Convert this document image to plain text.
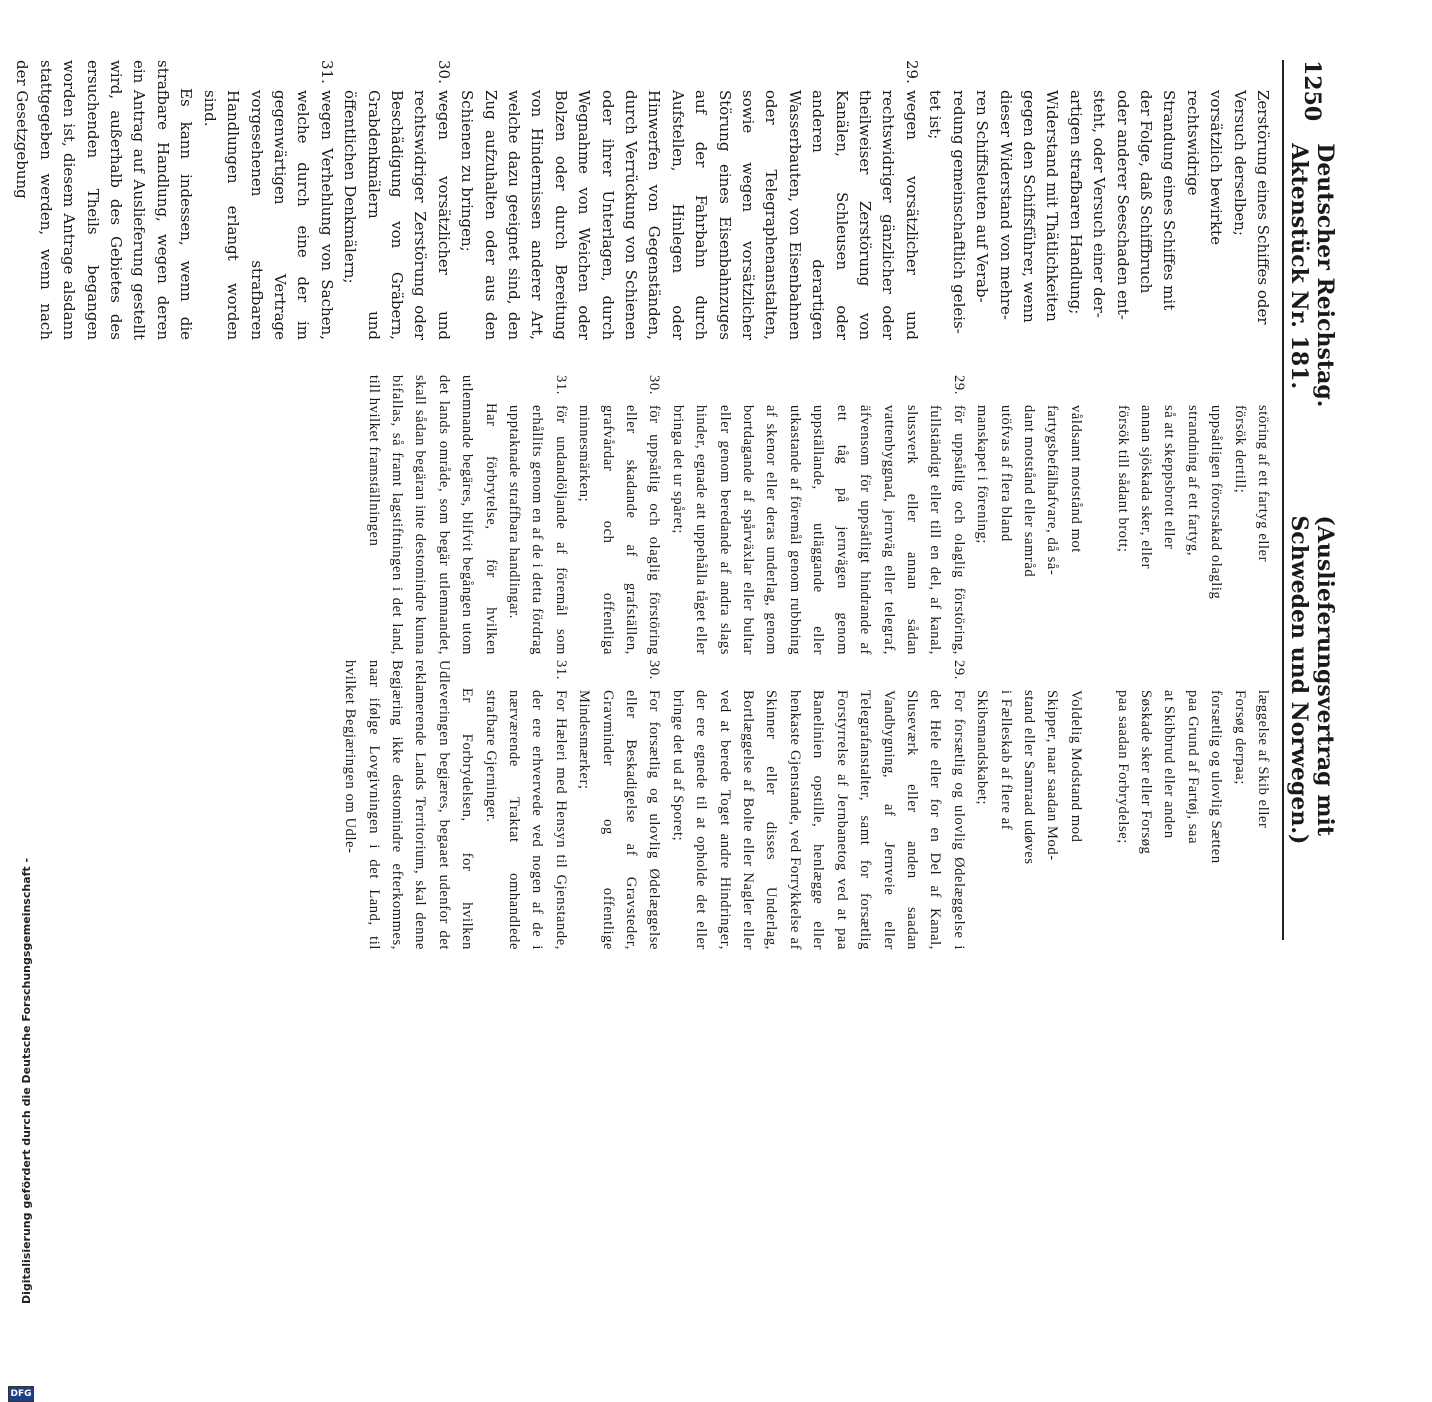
1250
Deutscher Reichstag. Aktenstück Nr. 181.
(Auslieferungsvertrag mit Schweden und Norwegen.)
Zerstörung eines Schiffes oder
Versuch derselben;
vorsätzlich bewirkte rechtswidrige
Strandung eines Schiffes mit
der Folge, daß Schiffbruch
oder anderer Seeschaden ent-
steht, oder Versuch einer der-
artigen strafbaren Handlung;
Widerstand mit Thätlichkeiten
gegen den Schiffsführer, wenn
dieser Widerstand von mehre-
ren Schiffsleuten auf Verab-
redung gemeinschaftlich geleis-
tet ist;
29.
wegen vorsätzlicher und rechtswidriger gänzlicher oder theilweiser Zerstörung von Kanälen, Schleusen oder anderen derartigen Wasserbauten, von Eisenbahnen oder Telegraphenanstalten, sowie wegen vorsätzlicher Störung eines Eisenbahnzuges auf der Fahrbahn durch Aufstellen, Hinlegen oder Hinwerfen von Gegenständen, durch Verrückung von Schienen oder ihrer Unterlagen, durch Wegnahme von Weichen oder Bolzen oder durch Bereitung von Hindernissen anderer Art, welche dazu geeignet sind, den Zug aufzuhalten oder aus den Schienen zu bringen;
30.
wegen vorsätzlicher und rechtswidriger Zerstörung oder Beschädigung von Gräbern, Grabdenkmälern und öffentlichen Denkmälern;
31.
wegen Verhehlung von Sachen, welche durch eine der im gegenwärtigen Vertrage vorgesehenen strafbaren Handlungen erlangt worden sind.

Es kann indessen, wenn die strafbare Handlung, wegen deren ein Antrag auf Auslieferung gestellt wird, außerhalb des Gebietes des ersuchenden Theils begangen worden ist, diesem Antrage alsdann stattgegeben werden, wenn nach der Gesetzgebung

störing af ett fartyg eller
försök dertill;
uppsåtligen förorsakad olaglig
strandning af ett fartyg,
så att skeppsbrott eller
annan sjöskada sker, eller
försök till sådant brott;

våldsamt motstånd mot
fartygsbefälhafvare, då så-
dant motstånd eller samråd
utöfvas af flera bland
manskapet i förening;
29.
för uppsåtlig och olaglig förstöring, fullständigt eller till en del, af kanal, slussverk eller annan sådan vattenbyggnad, jernväg eller telegraf, äfvensom för uppsåtligt hindrande af ett tåg på jernvägen genom uppställande, utläggande eller utkastande af föremål genom rubbning af skenor eller deras underlag, genom bortdagande af spårväxlar eller bultar eller genom beredande af andra slags hinder, egnade att uppehålla tåget eller bringa det ur spåret;
30.
för uppsåtlig och olaglig förstöring eller skadande af grafställen, grafvårdar och offentliga minnesmärken;
31.
för undandöljande af föremål som erhållits genom en af de i detta fördrag upptaknade straffbara handlingar.

Har förbrytelse, för hvilken utlemnande begäres, blifvit begången utom det lands område, som begär utlemnandet, skall sådan begäran inte destomindre kunna bifallas, så framt lagstiftningen i det land, till hvilket framställningen

læggelse af Skib eller
Forsøg derpaa;
forsætlig og ulovlig Sætten
paa Grund af Fartøj, saa
at Skibbrud eller anden
Søskade sker eller Forsøg
paa saadan Forbrydelse;

Voldelig Modstand mod
Skipper, naar saadan Mod-
stand eller Samraad udøves
i Fælleskab af flere af
Skibsmandskabet;
29.
For forsætlig og ulovlig Ødelæggelse i det Hele eller for en Del af Kanal, Sluseværk eller anden saadan Vandbygning, af Jernveie eller Telegrafanstalter, samt for forsætlig Forstyrrelse af Jernbanetog ved at paa Banelinien opstille, henlægge eller henkaste Gjenstande, ved Forrykkelse af Skinner eller disses Underlag, Bortlæggelse af Bolte eller Nagler eller ved at berede Toget andre Hindringer, der ere egnede til at opholde det eller bringe det ud af Sporet;
30.
For forsætlig og ulovlig Ødelæggelse eller Beskadigelse af Gravsteder, Gravminder og offentlige Mindesmærker;
31.
For Hæleri med Hensyn til Gjenstande, der ere erhvervede ved nogen af de i nærværende Traktat omhandlede strafbare Gjerninger.

Er Forbrydelsen, for hvilken Udleveringen begjæres, begaaet udenfor det reklamerende Lands Territorium, skal denne Begjæring ikke destomindre efterkommes, naar ifølge Lovgivningen i det Land, til hvilket Begjæringen om Udle-

Digitalisierung gefördert durch die Deutsche Forschungsgemeinschaft -
DFG
